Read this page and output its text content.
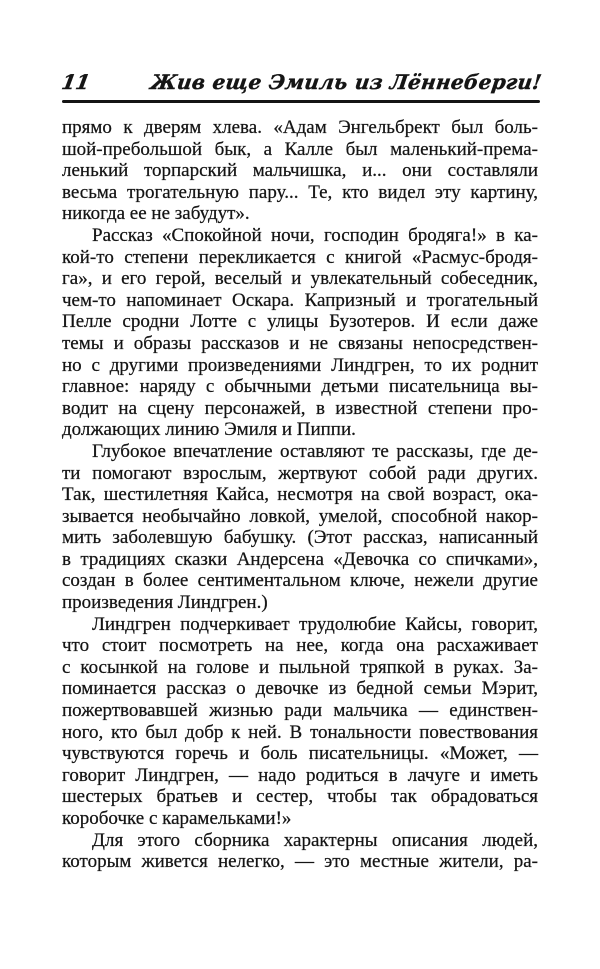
11	Жив еще Эмиль из Лённеберги!
прямо к дверям хлева. «Адам Энгельбрект был боль-
шой-пребольшой бык, а Калле был маленький-према-
ленький торпарский мальчишка, и... они составляли
весьма трогательную пару... Те, кто видел эту картину,
никогда ее не забудут».
Рассказ «Спокойной ночи, господин бродяга!» в ка-
кой-то степени перекликается с книгой «Расмус-бродя-
га», и его герой, веселый и увлекательный собеседник,
чем-то напоминает Оскара. Капризный и трогательный
Пелле сродни Лотте с улицы Бузотеров. И если даже
темы и образы рассказов и не связаны непосредствен-
но с другими произведениями Линдгрен, то их роднит
главное: наряду с обычными детьми писательница вы-
водит на сцену персонажей, в известной степени про-
должающих линию Эмиля и Пиппи.
Глубокое впечатление оставляют те рассказы, где де-
ти помогают взрослым, жертвуют собой ради других.
Так, шестилетняя Кайса, несмотря на свой возраст, ока-
зывается необычайно ловкой, умелой, способной накор-
мить заболевшую бабушку. (Этот рассказ, написанный
в традициях сказки Андерсена «Девочка со спичками»,
создан в более сентиментальном ключе, нежели другие
произведения Линдгрен.)
Линдгрен подчеркивает трудолюбие Кайсы, говорит,
что стоит посмотреть на нее, когда она расхаживает
с косынкой на голове и пыльной тряпкой в руках. За-
поминается рассказ о девочке из бедной семьи Мэрит,
пожертвовавшей жизнью ради мальчика — единствен-
ного, кто был добр к ней. В тональности повествования
чувствуются горечь и боль писательницы. «Может, —
говорит Линдгрен, — надо родиться в лачуге и иметь
шестерых братьев и сестер, чтобы так обрадоваться
коробочке с карамельками!»
Для этого сборника характерны описания людей,
которым живется нелегко, — это местные жители, ра-
